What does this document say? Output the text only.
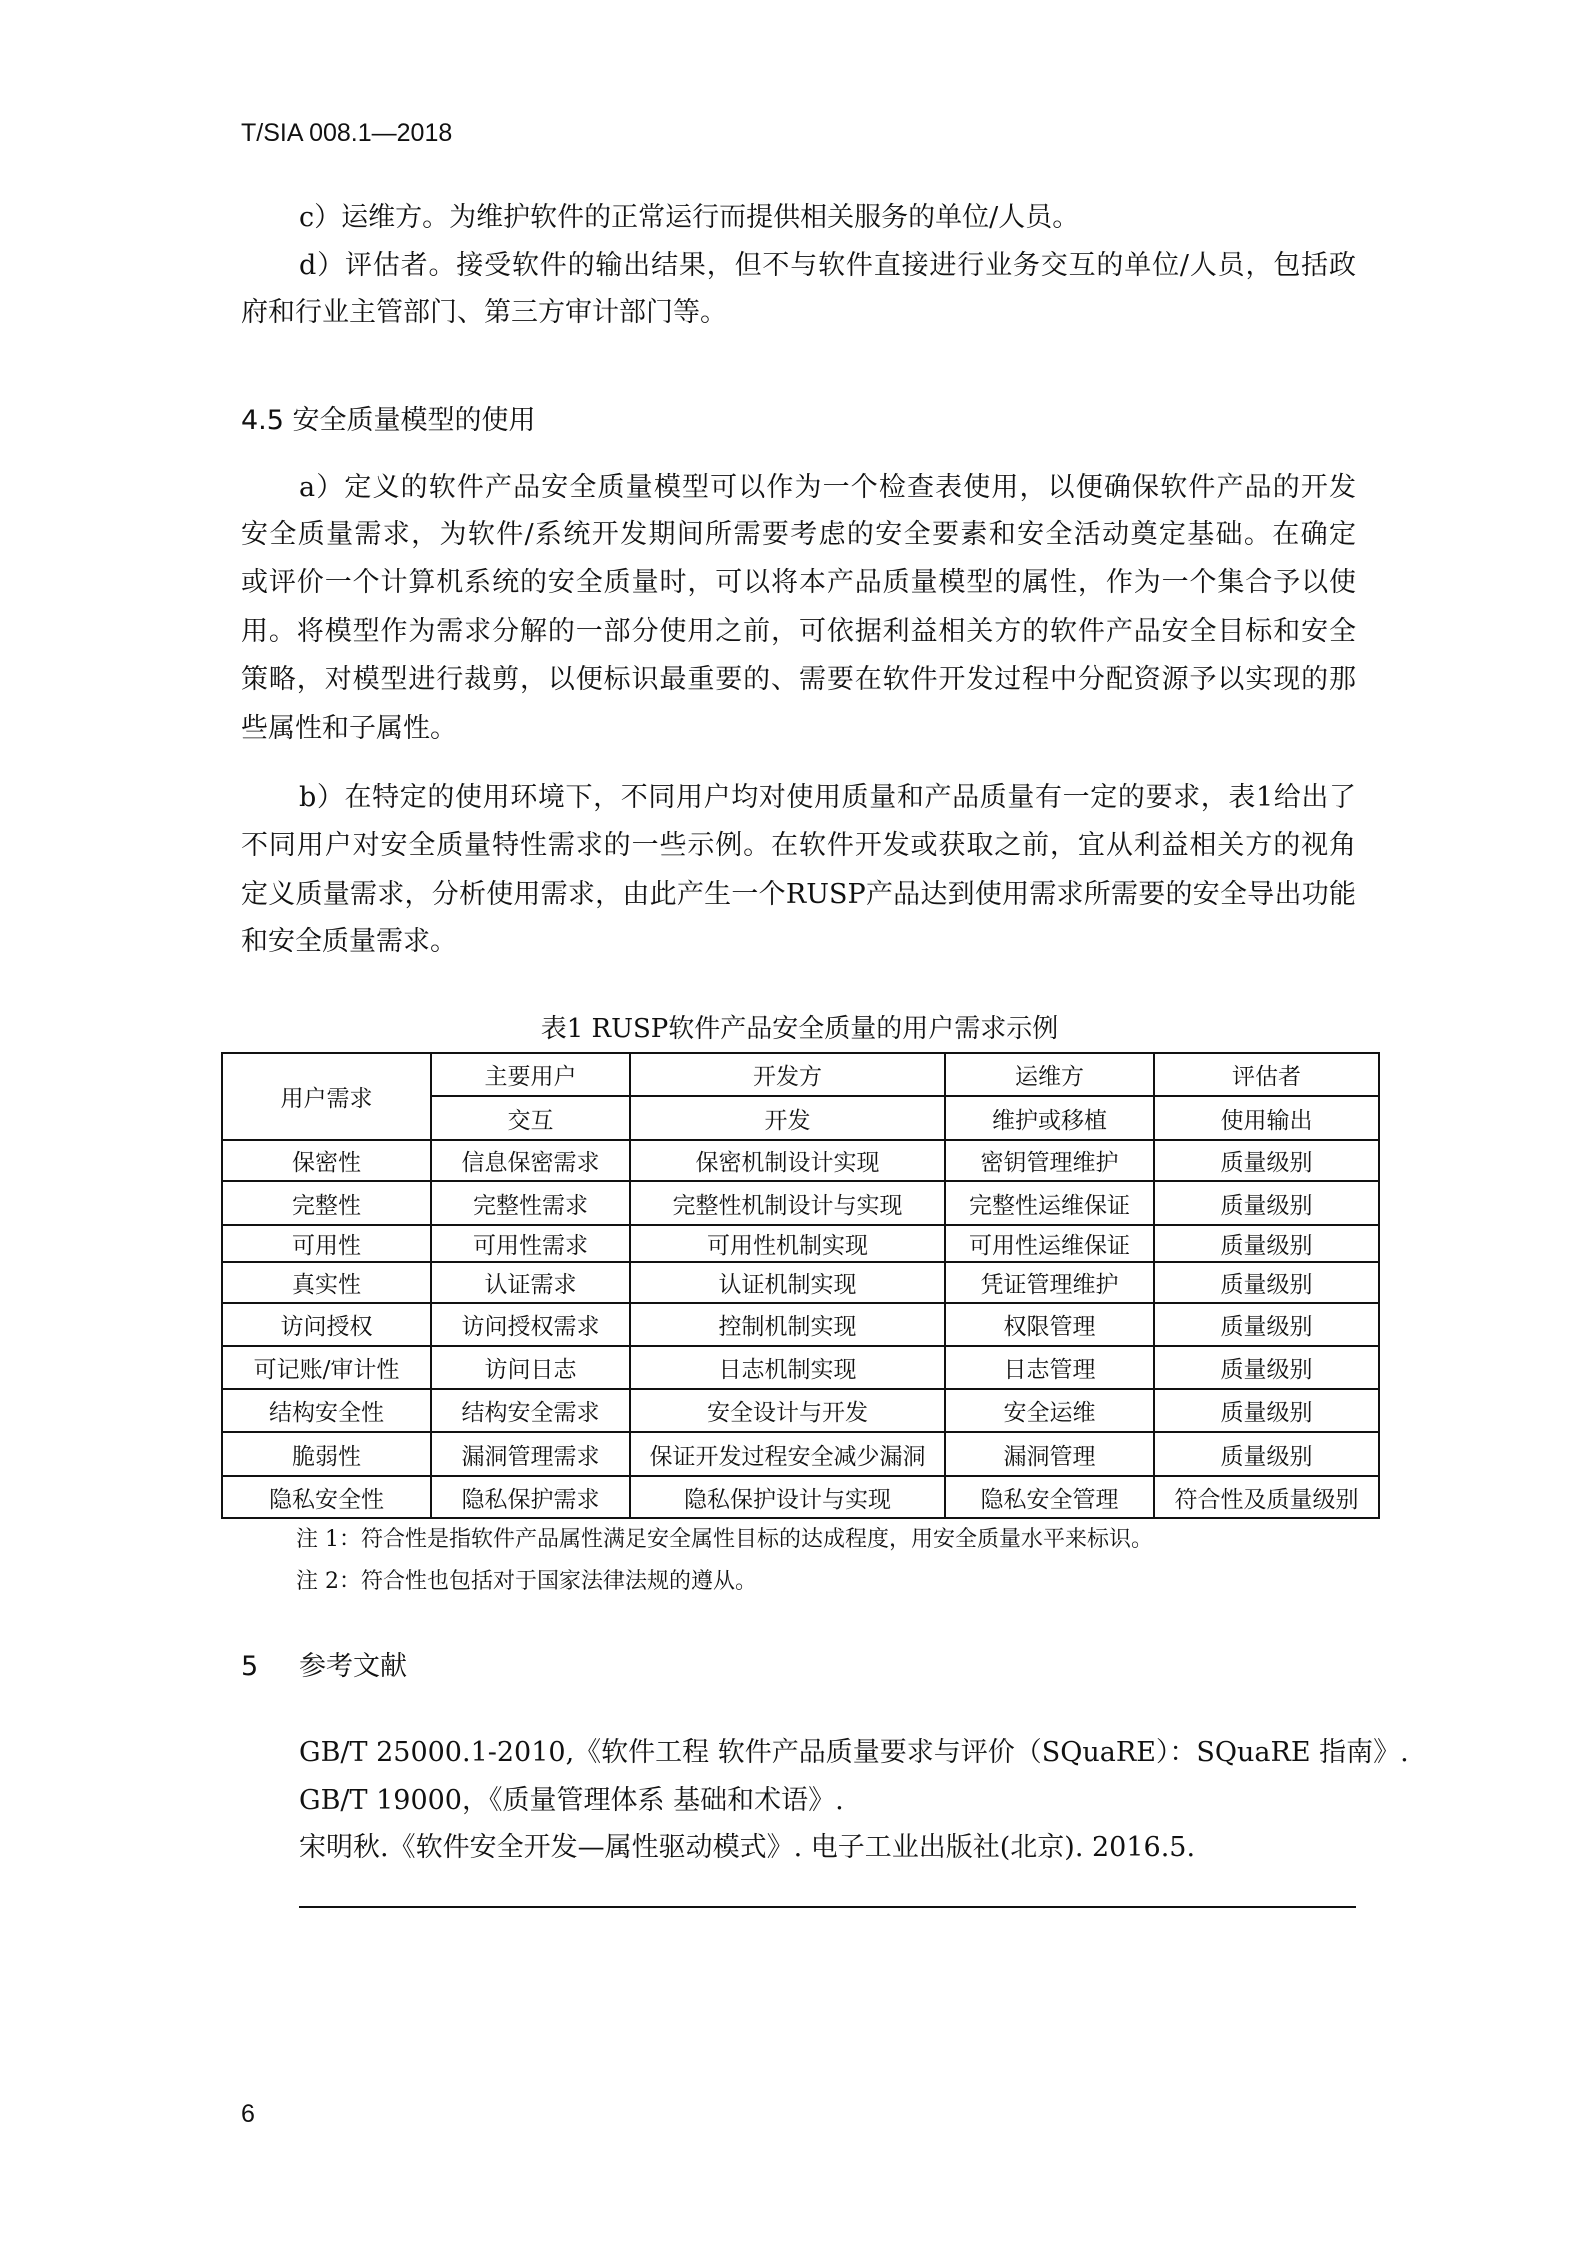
T/SIA 008.1—2018
c）运维方。为维护软件的正常运行而提供相关服务的单位/人员。
d）评估者。接受软件的输出结果，但不与软件直接进行业务交互的单位/人员，包括政
府和行业主管部门、第三方审计部门等。
4.5 安全质量模型的使用
a）定义的软件产品安全质量模型可以作为一个检查表使用，以便确保软件产品的开发
安全质量需求，为软件/系统开发期间所需要考虑的安全要素和安全活动奠定基础。在确定
或评价一个计算机系统的安全质量时，可以将本产品质量模型的属性，作为一个集合予以使
用。将模型作为需求分解的一部分使用之前，可依据利益相关方的软件产品安全目标和安全
策略，对模型进行裁剪，以便标识最重要的、需要在软件开发过程中分配资源予以实现的那
些属性和子属性。
b）在特定的使用环境下，不同用户均对使用质量和产品质量有一定的要求，表1给出了
不同用户对安全质量特性需求的一些示例。在软件开发或获取之前，宜从利益相关方的视角
定义质量需求，分析使用需求，由此产生一个RUSP产品达到使用需求所需要的安全导出功能
和安全质量需求。
表1 RUSP软件产品安全质量的用户需求示例
用户需求	主要用户	开发方	运维方	评估者
	交互	开发	维护或移植	使用输出
保密性	信息保密需求	保密机制设计实现	密钥管理维护	质量级别
完整性	完整性需求	完整性机制设计与实现	完整性运维保证	质量级别
可用性	可用性需求	可用性机制实现	可用性运维保证	质量级别
真实性	认证需求	认证机制实现	凭证管理维护	质量级别
访问授权	访问授权需求	控制机制实现	权限管理	质量级别
可记账/审计性	访问日志	日志机制实现	日志管理	质量级别
结构安全性	结构安全需求	安全设计与开发	安全运维	质量级别
脆弱性	漏洞管理需求	保证开发过程安全减少漏洞	漏洞管理	质量级别
隐私安全性	隐私保护需求	隐私保护设计与实现	隐私安全管理	符合性及质量级别
注 1：符合性是指软件产品属性满足安全属性目标的达成程度，用安全质量水平来标识。
注 2：符合性也包括对于国家法律法规的遵从。
5	参考文献
GB/T 25000.1-2010,《软件工程 软件产品质量要求与评价（SQuaRE）：SQuaRE 指南》.
GB/T 19000，《质量管理体系 基础和术语》.
宋明秋.《软件安全开发—属性驱动模式》. 电子工业出版社(北京). 2016.5.
6
